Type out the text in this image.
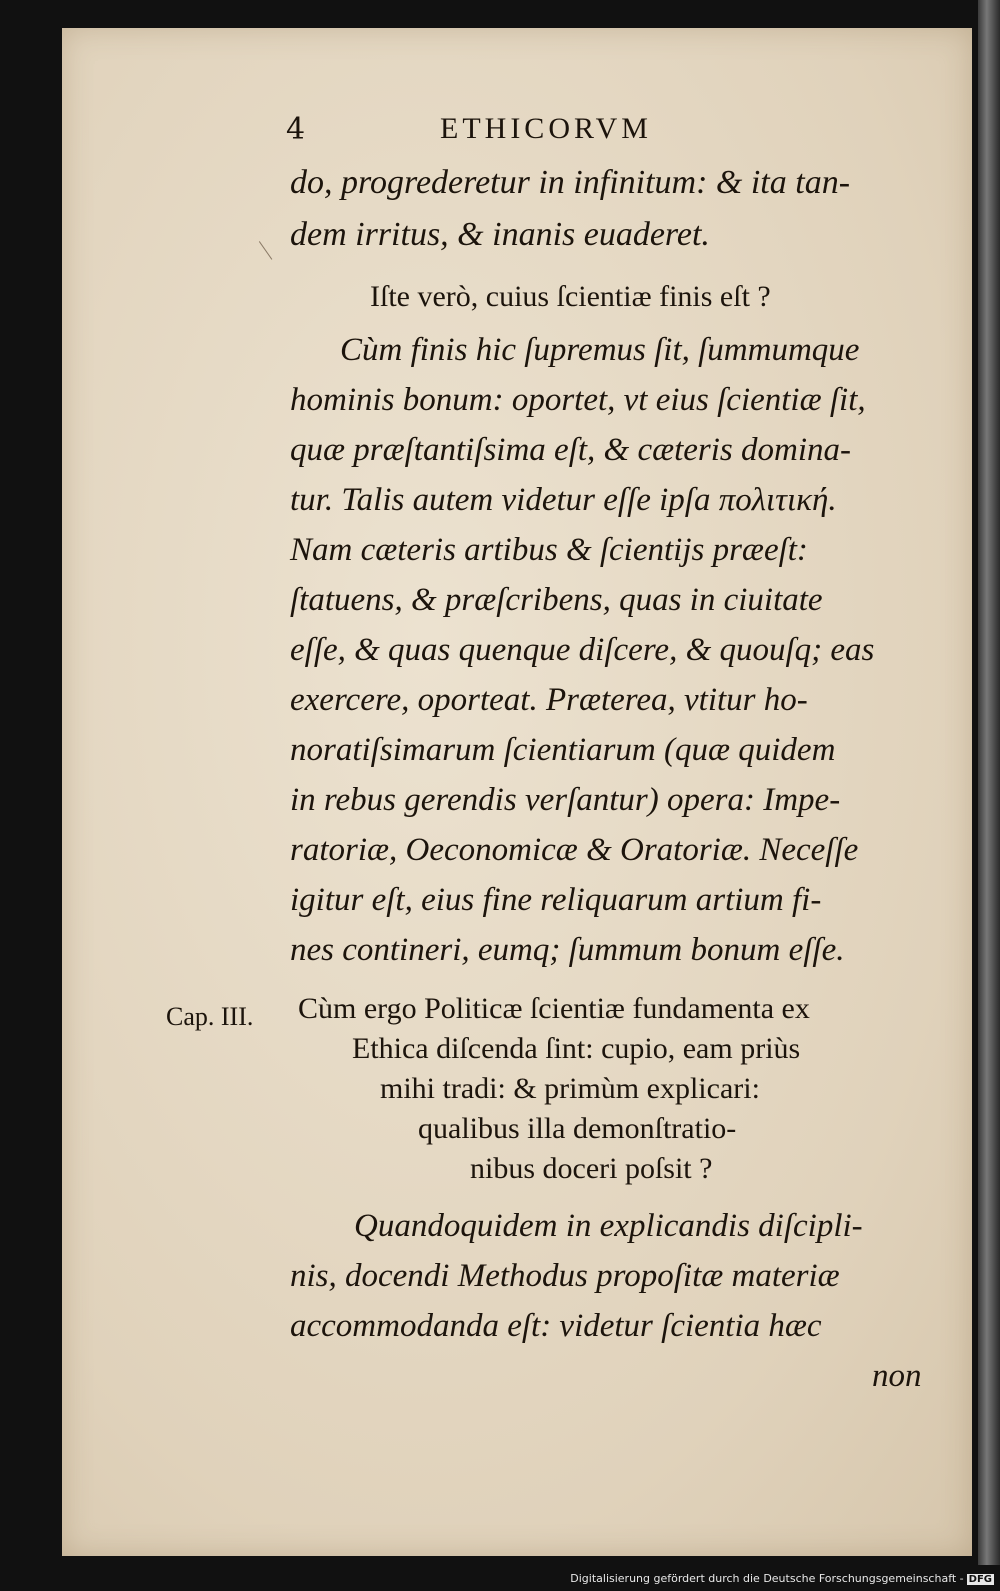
4	ETHICORVM
do, progrederetur in infinitum: & ita tan-
dem irritus, & inanis euaderet.
Iſte verò, cuius ſcientiæ finis eſt ?
Cùm finis hic ſupremus ſit, ſummumque
hominis bonum: oportet, vt eius ſcientiæ ſit,
quæ præſtantiſsima eſt, & cæteris domina-
tur. Talis autem videtur eſſe ipſa πολιτική.
Nam cæteris artibus & ſcientijs præeſt:
ſtatuens, & præſcribens, quas in ciuitate
eſſe, & quas quenque diſcere, & quouſq; eas
exercere, oporteat. Præterea, vtitur ho-
noratiſsimarum ſcientiarum (quæ quidem
in rebus gerendis verſantur) opera: Impe-
ratoriæ, Oeconomicæ & Oratoriæ. Neceſſe
igitur eſt, eius fine reliquarum artium fi-
nes contineri, eumq; ſummum bonum eſſe.
Cùm ergo Politicæ ſcientiæ fundamenta ex
Ethica diſcenda ſint: cupio, eam priùs
mihi tradi: & primùm explicari:
qualibus illa demonſtratio-
nibus doceri poſsit ?
Cap. III.
Quandoquidem in explicandis diſcipli-
nis, docendi Methodus propoſitæ materiæ
accommodanda eſt: videtur ſcientia hæc
non
Digitalisierung gefördert durch die Deutsche Forschungsgemeinschaft - DFG
